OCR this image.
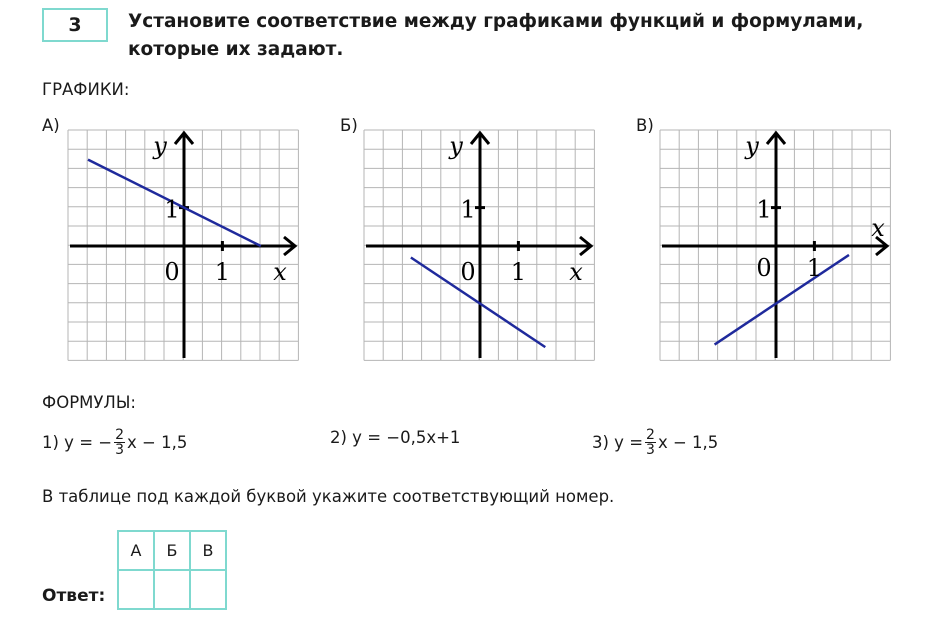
3	Установите соответствие между графиками функций и формулами,
которые их задают.
ГРАФИКИ:
А)	Б)	В)
y
1
0 1 x
y
1
0 1 x
y
1
0 1
x
ФОРМУЛЫ:
1) y = − $\frac{2}{3}$ x − 1,5	2) y = −0,5x+1	3) $y = \frac{2}{3}$ x − 1,5
В таблице под каждой буквой укажите соответствующий номер.
А	Б	В

Ответ:
